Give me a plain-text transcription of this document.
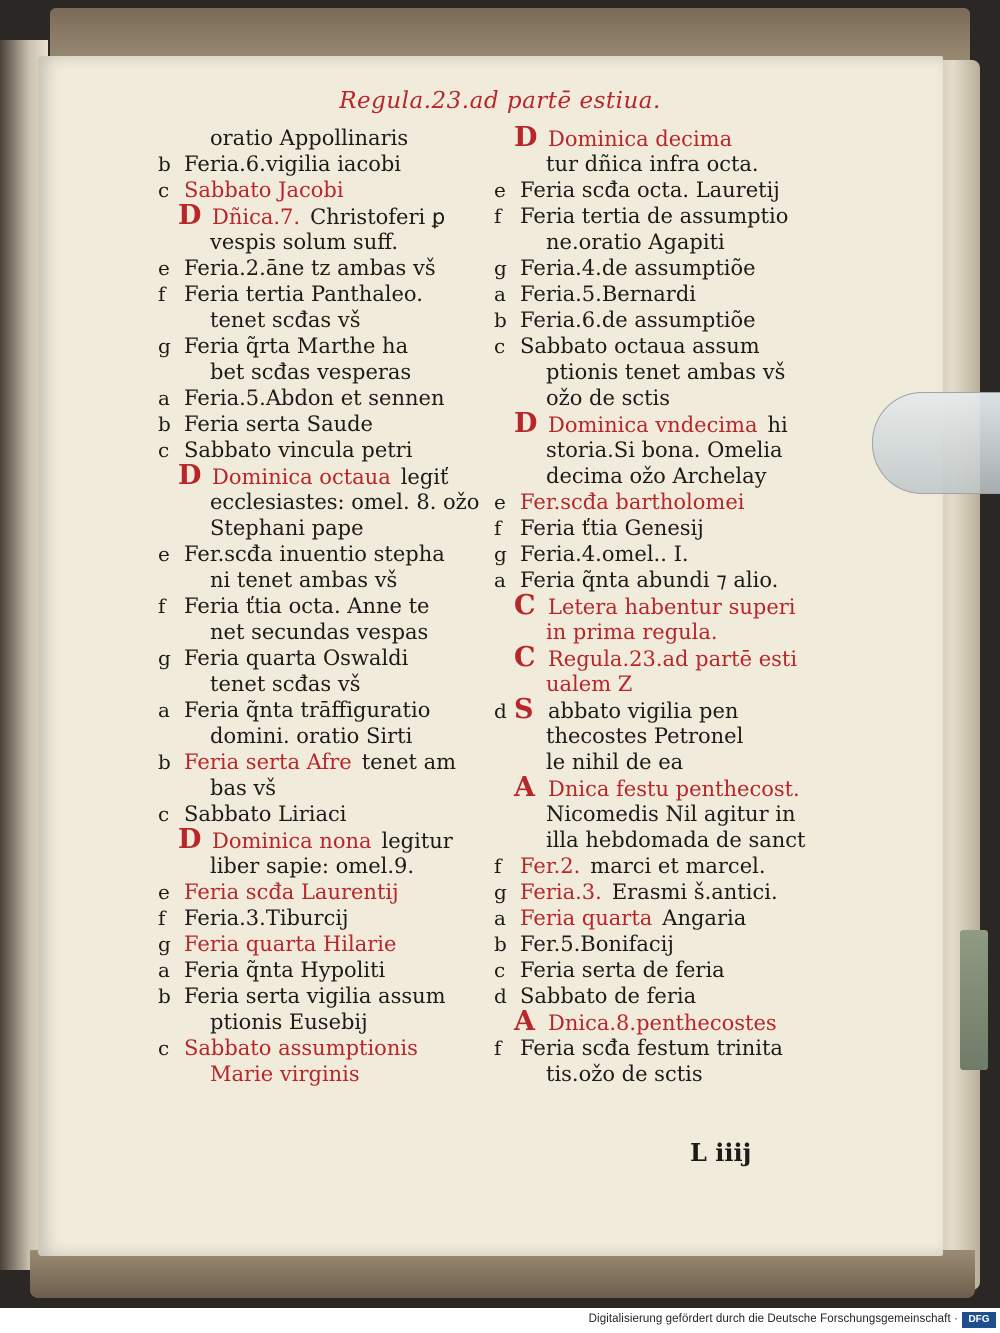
Regula.23.ad partē estiua.
oratio Appollinaris
b Feria.6.vigilia iacobi
c Sabbato Jacobi
D Dñica.7. Christoferi ꝑ
vespis solum suff.
e Feria.2.āne tz ambas vš
f Feria tertia Panthaleo.
tenet scđas vš
g Feria q̃rta Marthe ha
bet scđas vesperas
a Feria.5.Abdon et sennen
b Feria serta Saude
c Sabbato vincula petri
D Dominica octaua legiť
ecclesiastes: omel. 8. ožo
Stephani pape
e Fer.scđa inuentio stepha
ni tenet ambas vš
f Feria ťtia octa. Anne te
net secundas vespas
g Feria quarta Oswaldi
tenet scđas vš
a Feria q̃nta trāffiguratio
domini. oratio Sirti
b Feria serta Afre tenet am
bas vš
c Sabbato Liriaci
D Dominica nona legitur
liber sapie: omel.9.
e Feria scđa Laurentij
f Feria.3.Tiburcij
g Feria quarta Hilarie
a Feria q̃nta Hypoliti
b Feria serta vigilia assum
ptionis Eusebij
c Sabbato assumptionis
Marie virginis
D Dominica decima
tur dñica infra octa.
e Feria scđa octa. Lauretij
f Feria tertia de assumptio
ne.oratio Agapiti
g Feria.4.de assumptiõe
a Feria.5.Bernardi
b Feria.6.de assumptiõe
c Sabbato octaua assum
ptionis tenet ambas vš
ožo de sctis
D Dominica vndecima hi
storia.Si bona. Omelia
decima ožo Archelay
e Fer.scđa bartholomei
f Feria ťtia Genesij
g Feria.4.omel.. I.
a Feria q̃nta abundi ⁊ alio.
C Letera habentur superi
in prima regula.
C Regula.23.ad partē esti
ualem Z
d S abbato vigilia pen
thecostes Petronel
le nihil de ea
A Dnica festu penthecost.
Nicomedis Nil agitur in
illa hebdomada de sanct
f Fer.2. marci et marcel.
g Feria.3. Erasmi š.antici.
a Feria quarta Angaria
b Fer.5.Bonifacij
c Feria serta de feria
d Sabbato de feria
A Dnica.8.penthecostes
f Feria scđa festum trinita
tis.ožo de sctis
L iiij
Digitalisierung gefördert durch die Deutsche Forschungsgemeinschaft ·	DFG
